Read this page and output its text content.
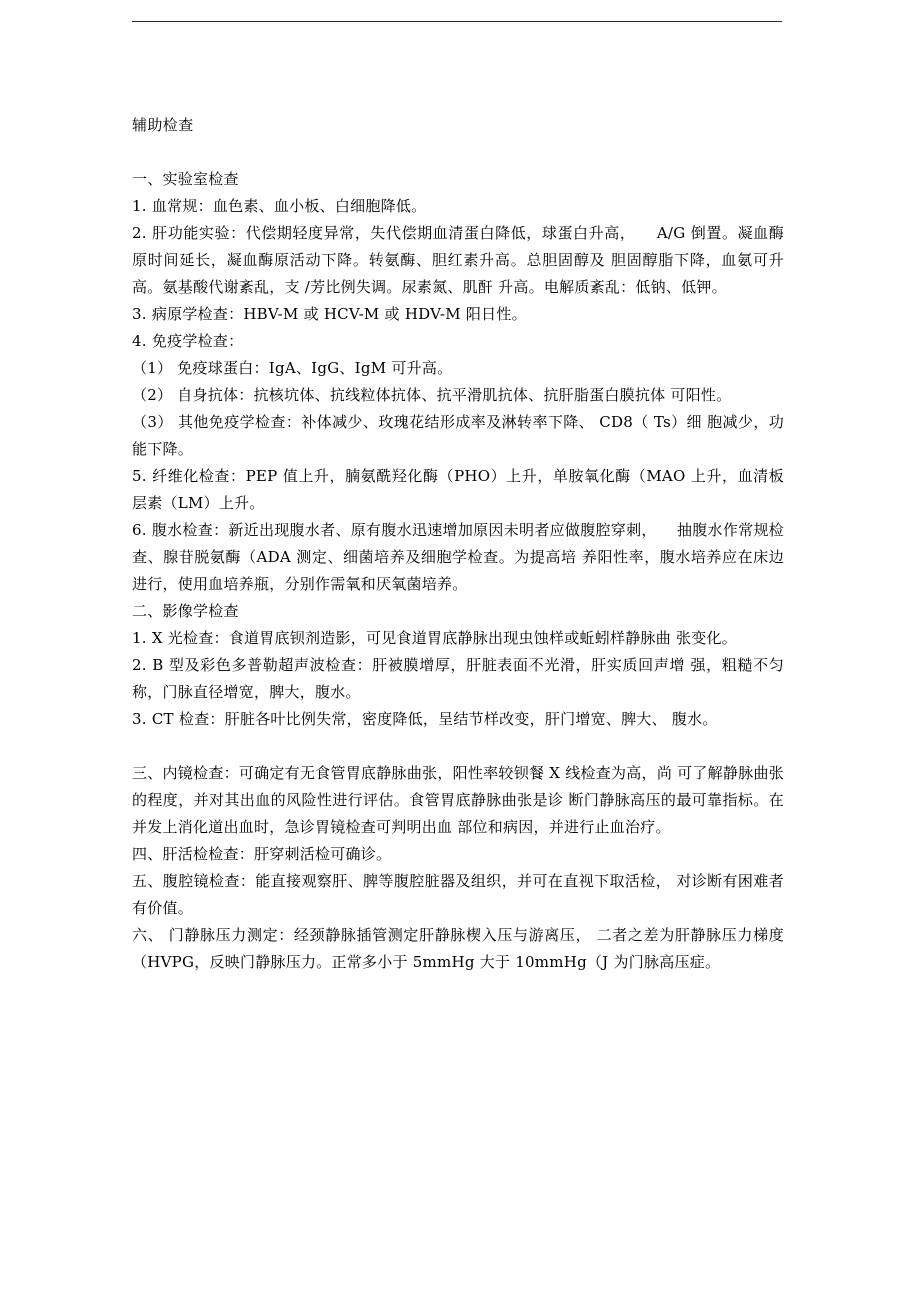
辅助检查
一、实验室检查
1. 血常规：血色素、血小板、白细胞降低。
2. 肝功能实验：代偿期轻度异常，失代偿期血清蛋白降低，球蛋白升高，    A/G 倒置。凝血酶原时间延长，凝血酶原活动下降。转氨酶、胆红素升高。总胆固醇及 胆固醇脂下降，血氨可升高。氨基酸代谢紊乱，支 /芳比例失调。尿素氮、肌酐 升高。电解质紊乱：低钠、低钾。
3. 病原学检查：HBV-M 或 HCV-M 或 HDV-M 阳日性。
4. 免疫学检查：
（1） 免疫球蛋白：IgA、IgG、IgM 可升高。
（2） 自身抗体：抗核坑体、抗线粒体抗体、抗平滑肌抗体、抗肝脂蛋白膜抗体 可阳性。
（3） 其他免疫学检查：补体减少、玫瑰花结形成率及淋转率下降、 CD8（ Ts）细 胞减少，功能下降。
5. 纤维化检查：PEP 值上升，腩氨酰羟化酶（PHO）上升，单胺氧化酶（MAO 上升，血清板层素（LM）上升。
6. 腹水检查：新近出现腹水者、原有腹水迅速增加原因未明者应做腹腔穿刺，    抽腹水作常规检查、腺苷脱氨酶（ADA 测定、细菌培养及细胞学检查。为提高培 养阳性率，腹水培养应在床边进行，使用血培养瓶，分别作需氧和厌氧菌培养。
二、影像学检查
1. X 光检查：食道胃底钡剂造影，可见食道胃底静脉出现虫蚀样或蚯蚓样静脉曲 张变化。
2. B 型及彩色多普勒超声波检查：肝被膜增厚，肝脏表面不光滑，肝实质回声增 强，粗糙不匀称，门脉直径增宽，脾大，腹水。
3. CT 检查：肝脏各叶比例失常，密度降低，呈结节样改变，肝门增宽、脾大、 腹水。
三、内镜检查：可确定有无食管胃底静脉曲张，阳性率较钡餐 X 线检查为高，尚 可了解静脉曲张的程度，并对其出血的风险性进行评估。食管胃底静脉曲张是诊 断门静脉高压的最可靠指标。在并发上消化道出血时，急诊胃镜检查可判明出血 部位和病因，并进行止血治疗。
四、肝活检检查：肝穿刺活检可确诊。
五、腹腔镜检查：能直接观察肝、脾等腹腔脏器及组织，并可在直视下取活检， 对诊断有困难者有价值。
六、 门静脉压力测定：经颈静脉插管测定肝静脉楔入压与游离压， 二者之差为肝静脉压力梯度（HVPG，反映门静脉压力。正常多小于 5mmHg 大于 10mmHg（J 为门脉高压症。
